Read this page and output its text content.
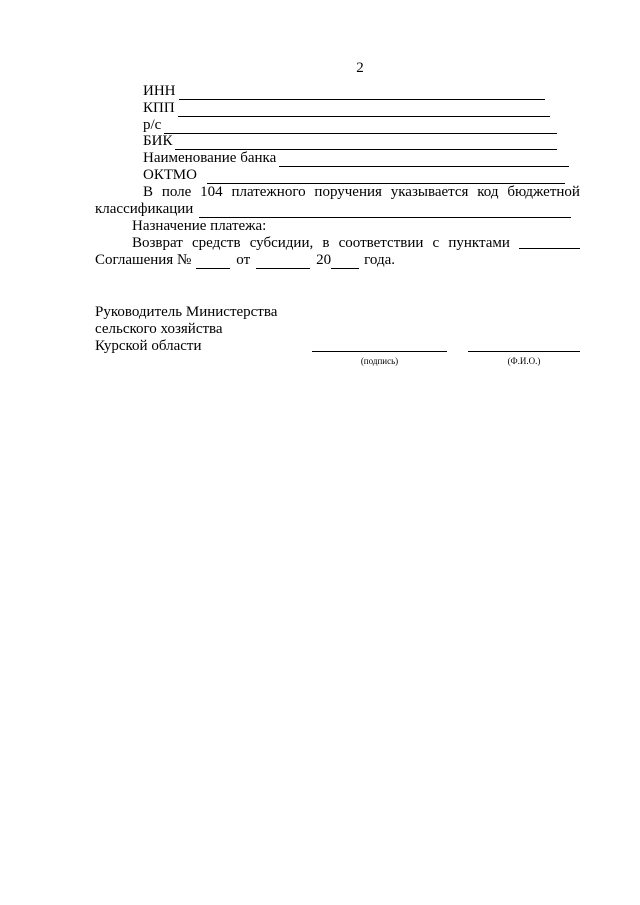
2
ИНН
КПП
р/с
БИК
Наименование банка
ОКТМО
В поле 104 платежного поручения указывается код бюджетной
классификации
Назначение платежа:
Возврат средств субсидии, в соответствии с пунктами
Соглашения №	от	20 года.
Руководитель Министерства
сельского хозяйства
Курской области
(подпись)	(Ф.И.О.)
